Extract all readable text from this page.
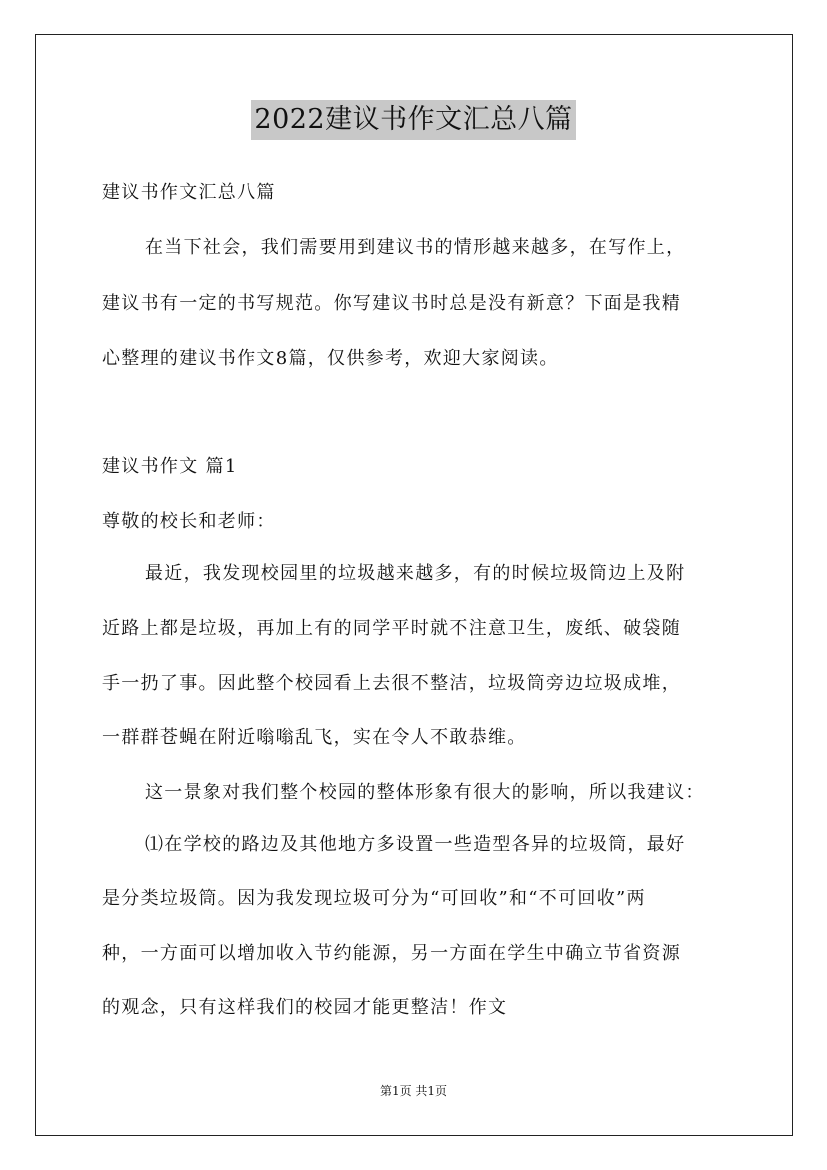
2022建议书作文汇总八篇
建议书作文汇总八篇
在当下社会，我们需要用到建议书的情形越来越多，在写作上，
建议书有一定的书写规范。你写建议书时总是没有新意？下面是我精
心整理的建议书作文8篇，仅供参考，欢迎大家阅读。
建议书作文 篇1
尊敬的校长和老师：
最近，我发现校园里的垃圾越来越多，有的时候垃圾筒边上及附
近路上都是垃圾，再加上有的同学平时就不注意卫生，废纸、破袋随
手一扔了事。因此整个校园看上去很不整洁，垃圾筒旁边垃圾成堆，
一群群苍蝇在附近嗡嗡乱飞，实在令人不敢恭维。
这一景象对我们整个校园的整体形象有很大的影响，所以我建议：
⑴在学校的路边及其他地方多设置一些造型各异的垃圾筒，最好
是分类垃圾筒。因为我发现垃圾可分为“可回收”和“不可回收”两
种，一方面可以增加收入节约能源，另一方面在学生中确立节省资源
的观念，只有这样我们的校园才能更整洁！作文
第1页 共1页
